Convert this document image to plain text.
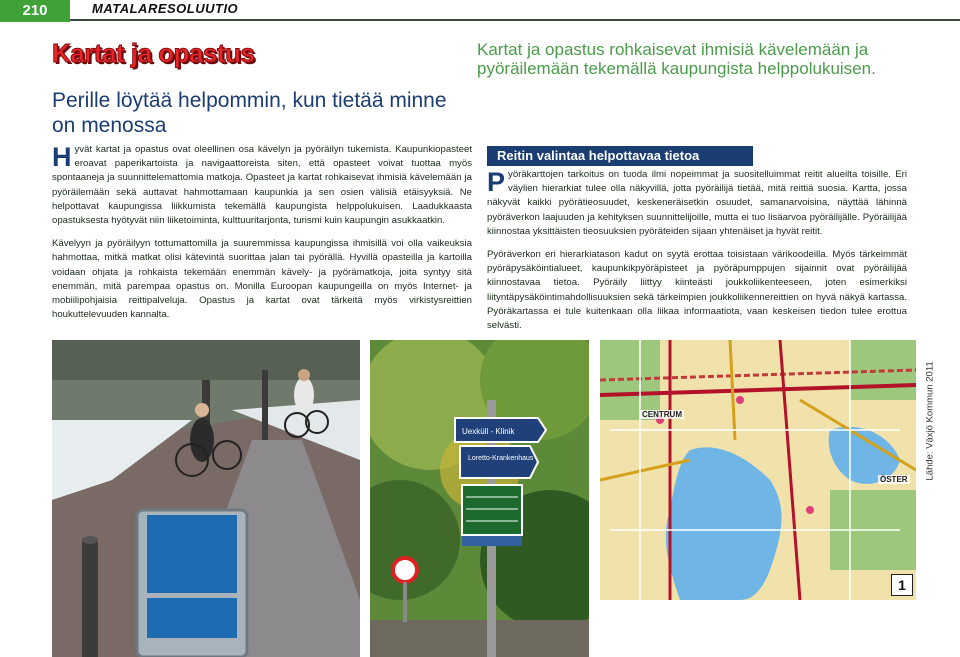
210	MATALARESOLUUTIO
Kartat ja opastus
Perille löytää helpommin, kun tietää minne on menossa
Kartat ja opastus rohkaisevat ihmisiä kävelemään ja pyöräilemään tekemällä kaupungista helppolukuisen.

Hyvät kartat ja opastus ovat oleellinen osa kävelyn ja pyöräilyn tukemista. Kaupunkiopasteet eroavat paperikartoista ja navigaattoreista siten, että opasteet voivat tuottaa myös spontaaneja ja suunnittelemattomia matkoja. Opasteet ja kartat rohkaisevat ihmisiä kävelemään ja pyöräilemään sekä auttavat hahmottamaan kaupunkia ja sen osien välisiä etäisyyksiä. Ne helpottavat kaupungissa liikkumista tekemällä kaupungista helppolukuisen. Laadukkaasta opastuksesta hyötyvät niin liiketoiminta, kulttuuritarjonta, turismi kuin kaupungin asukkaatkin.

Kävelyyn ja pyöräilyyn tottumattomilla ja suuremmissa kaupungissa ihmisillä voi olla vaikeuksia hahmottaa, mitkä matkat olisi kätevintä suorittaa jalan tai pyörällä. Hyvillä opasteilla ja kartoilla voidaan ohjata ja rohkaista tekemään enemmän kävely- ja pyörämatkoja, joita syntyy sitä enemmän, mitä parempaa opastus on. Monilla Euroopan kaupungeilla on myös Internet- ja mobiilipohjaisia reittipalveluja. Opastus ja kartat ovat tärkeitä myös virkistysreittien houkuttelevuuden kannalta.

Reitin valintaa helpottavaa tietoa

Pyöräkarttojen tarkoitus on tuoda ilmi nopeimmat ja suositelluimmat reitit alueilta toisille. Eri väylien hierarkiat tulee olla näkyvillä, jotta pyöräilijä tietää, mitä reittiä suosia. Kartta, jossa näkyvät kaikki pyörätieosuudet, keskeneräisetkin osuudet, samanarvoisina, näyttää lähinnä pyöräverkon laajuuden ja kehityksen suunnittelijoille, mutta ei tuo lisäarvoa pyöräilijälle. Pyöräilijää kiinnostaa yksittäisten tieosuuksien pyöräteiden sijaan yhtenäiset ja hyvät reitit.

Pyöräverkon eri hierarkiatason kadut on syytä erottaa toisistaan värikoodeilla. Myös tärkeimmät pyöräpysäköintialueet, kaupunkikpyöräpisteet ja pyöräpumppujen sijainnit ovat pyöräilijää kiinnostavaa tietoa. Pyöräily liittyy kiinteästi joukkoliikenteeseen, joten esimerkiksi liityntäpysäköintimahdollisuuksien sekä tärkeimpien joukkoliikennereittien on hyvä näkyä kartassa. Pyöräkartassa ei tule kuitenkaan olla liikaa informaatiota, vaan keskeisen tiedon tulee erottua selvästi.

Uexküll - Klinik
Loretto-Krankenhaus
CENTRUM
ÖSTER
1
Lähde: Växjö Kommun 2011
